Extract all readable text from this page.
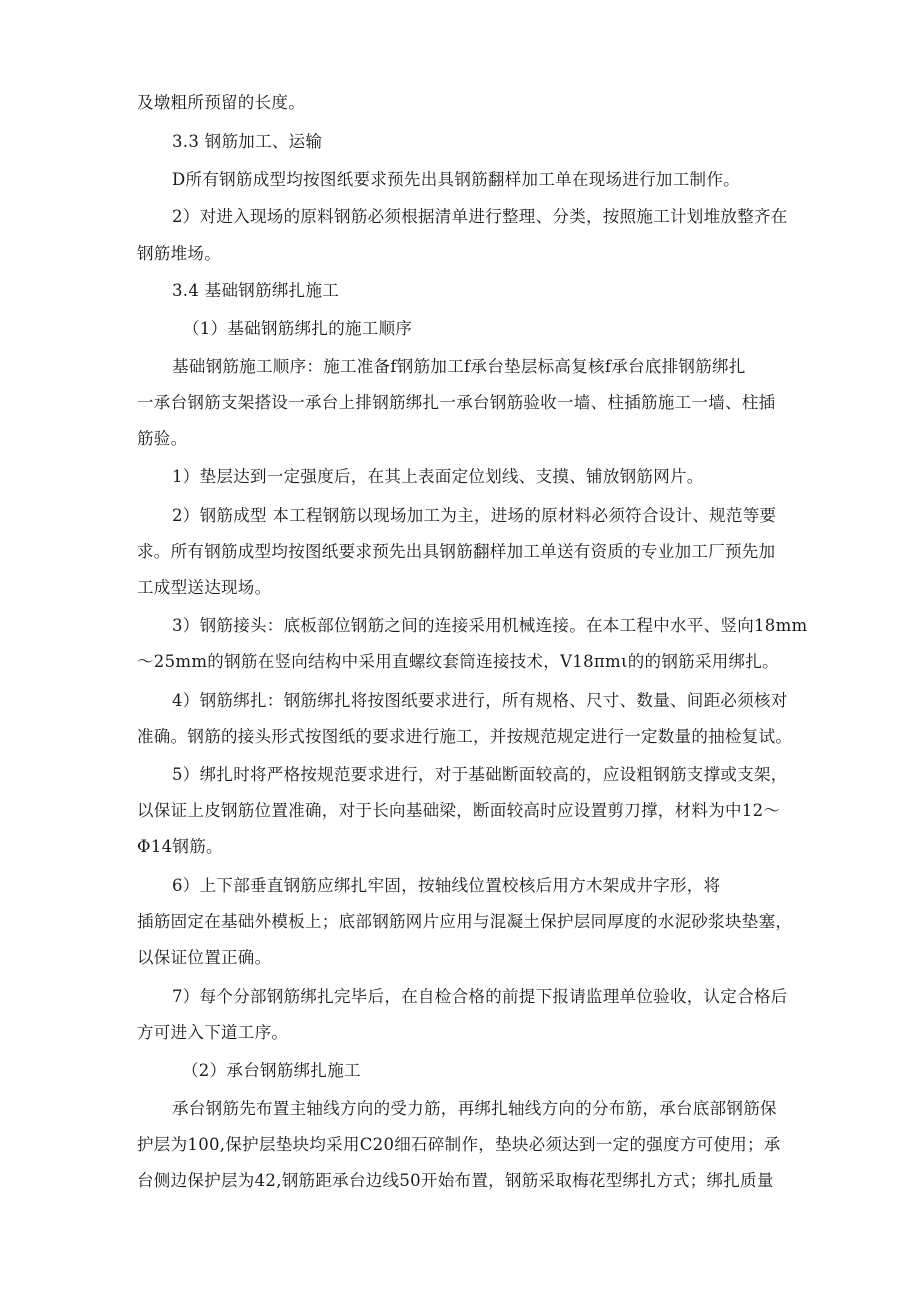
及墩粗所预留的长度。
3.3 钢筋加工、运输
D所有钢筋成型均按图纸要求预先出具钢筋翻样加工单在现场进行加工制作。
2）对进入现场的原料钢筋必须根据清单进行整理、分类，按照施工计划堆放整齐在
钢筋堆场。
3.4 基础钢筋绑扎施工
（1）基础钢筋绑扎的施工顺序
基础钢筋施工顺序：施工准备f钢筋加工f承台垫层标高复核f承台底排钢筋绑扎
一承台钢筋支架搭设一承台上排钢筋绑扎一承台钢筋验收一墙、柱插筋施工一墙、柱插
筋验。
1）垫层达到一定强度后，在其上表面定位划线、支摸、铺放钢筋网片。
2）钢筋成型 本工程钢筋以现场加工为主，进场的原材料必须符合设计、规范等要
求。所有钢筋成型均按图纸要求预先出具钢筋翻样加工单送有资质的专业加工厂预先加
工成型送达现场。
3）钢筋接头：底板部位钢筋之间的连接采用机械连接。在本工程中水平、竖向18mm
～25mm的钢筋在竖向结构中采用直螺纹套筒连接技术，V18πmι的的钢筋采用绑扎。
4）钢筋绑扎：钢筋绑扎将按图纸要求进行，所有规格、尺寸、数量、间距必须核对
准确。钢筋的接头形式按图纸的要求进行施工，并按规范规定进行一定数量的抽检复试。
5）绑扎时将严格按规范要求进行，对于基础断面较高的，应设粗钢筋支撑或支架，
以保证上皮钢筋位置准确，对于长向基础梁，断面较高时应设置剪刀撑，材料为中12～
Φ14钢筋。
6）上下部垂直钢筋应绑扎牢固，按轴线位置校核后用方木架成井字形，将
插筋固定在基础外模板上；底部钢筋网片应用与混凝土保护层同厚度的水泥砂浆块垫塞，
以保证位置正确。
7）每个分部钢筋绑扎完毕后，在自检合格的前提下报请监理单位验收，认定合格后
方可进入下道工序。
（2）承台钢筋绑扎施工
承台钢筋先布置主轴线方向的受力筋，再绑扎轴线方向的分布筋，承台底部钢筋保
护层为100,保护层垫块均采用C20细石碎制作，垫块必须达到一定的强度方可使用；承
台侧边保护层为42,钢筋距承台边线50开始布置，钢筋采取梅花型绑扎方式；绑扎质量
